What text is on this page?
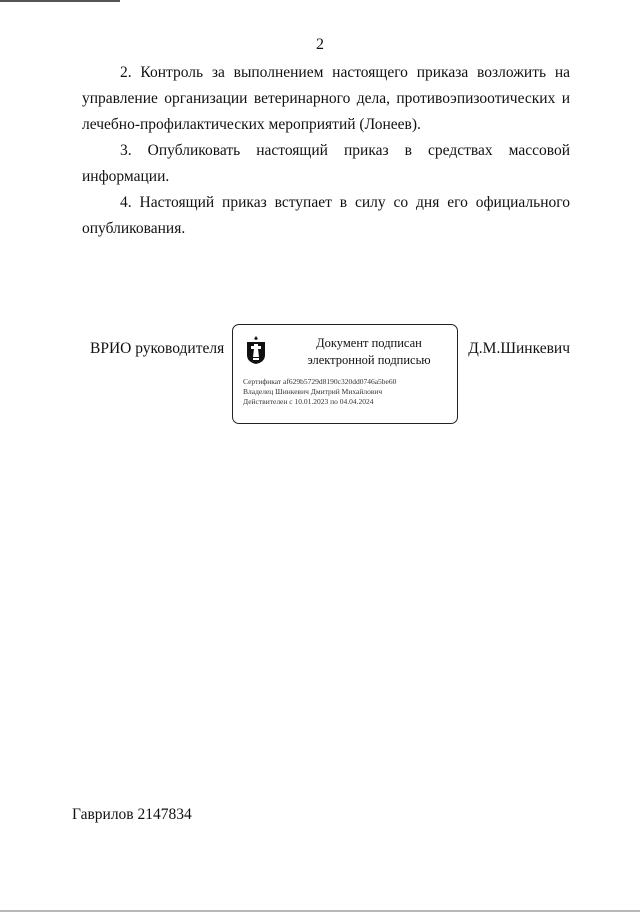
2

2. Контроль за выполнением настоящего приказа возложить на управление организации ветеринарного дела, противоэпизоотических и лечебно-профилактических мероприятий (Лонеев).

3. Опубликовать настоящий приказ в средствах массовой информации.

4. Настоящий приказ вступает в силу со дня его официального опубликования.

ВРИО руководителя	Документ подписан
электронной подписью
Сертификат af629b5729d8190c320dd0746a5be60
Владелец Шинкевич Дмитрий Михайлович
Действителен с 10.01.2023 по 04.04.2024
Д.М.Шинкевич
Гаврилов 2147834
